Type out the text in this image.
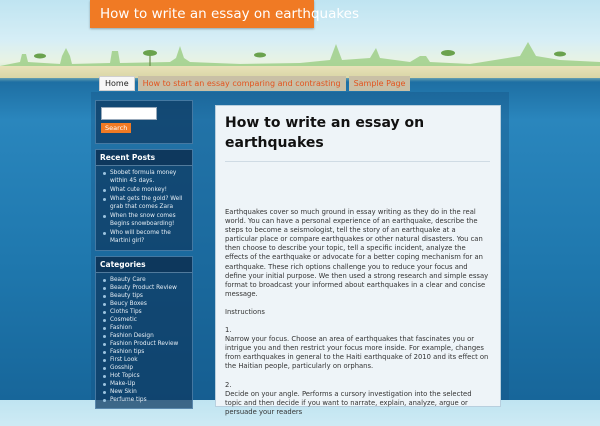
How to write an essay on earthquakes
Home	How to start an essay comparing and contrasting	Sample Page
Search
Recent Posts
Sbobet formula money within 45 days.
What cute monkey!
What gets the gold? Well grab that comes Zara
When the snow comes Begins snowboarding!
Who will become the Martini girl?
Categories
Beauty Care
Beauty Product Review
Beauty tips
Beucy Boxes
Cloths Tips
Cosmetic
Fashion
Fashion Design
Fashion Product Review
Fashion tips
First Look
Gosship
Hot Topics
Make-Up
New Skin
Perfume tips
How to write an essay on earthquakes

Earthquakes cover so much ground in essay writing as they do in the real world. You can have a personal experience of an earthquake, describe the steps to become a seismologist, tell the story of an earthquake at a particular place or compare earthquakes or other natural disasters. You can then choose to describe your topic, tell a specific incident, analyze the effects of the earthquake or advocate for a better coping mechanism for an earthquake. These rich options challenge you to reduce your focus and define your initial purpose. We then used a strong research and simple essay format to broadcast your informed about earthquakes in a clear and concise message.

Instructions

1.

Narrow your focus. Choose an area of earthquakes that fascinates you or intrigue you and then restrict your focus more inside. For example, changes from earthquakes in general to the Haiti earthquake of 2010 and its effect on the Haitian people, particularly on orphans.

2.

Decide on your angle. Performs a cursory investigation into the selected topic and then decide if you want to narrate, explain, analyze, argue or persuade your readers
